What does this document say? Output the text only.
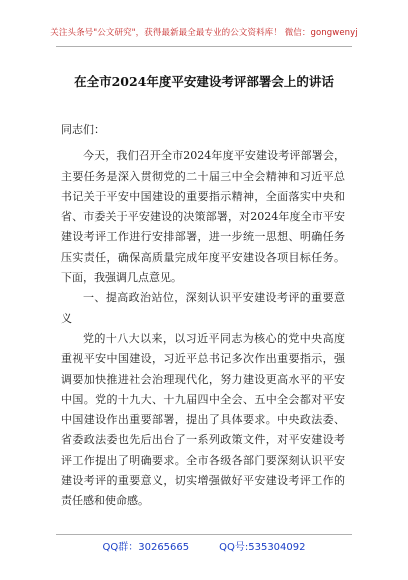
关注头条号"公文研究"，获得最新最全最专业的公文资料库！ 微信：gongwenyj
在全市2024年度平安建设考评部署会上的讲话

同志们：

今天，我们召开全市2024年度平安建设考评部署会，主要任务是深入贯彻党的二十届三中全会精神和习近平总书记关于平安中国建设的重要指示精神，全面落实中央和省、市委关于平安建设的决策部署，对2024年度全市平安建设考评工作进行安排部署，进一步统一思想、明确任务压实责任，确保高质量完成年度平安建设各项目标任务。下面，我强调几点意见。

一、提高政治站位，深刻认识平安建设考评的重要意义

党的十八大以来，以习近平同志为核心的党中央高度重视平安中国建设，习近平总书记多次作出重要指示，强调要加快推进社会治理现代化，努力建设更高水平的平安中国。党的十九大、十九届四中全会、五中全会都对平安中国建设作出重要部署，提出了具体要求。中央政法委、省委政法委也先后出台了一系列政策文件，对平安建设考评工作提出了明确要求。全市各级各部门要深刻认识平安建设考评的重要意义，切实增强做好平安建设考评工作的责任感和使命感。

QQ群：30265665	QQ号:535304092
